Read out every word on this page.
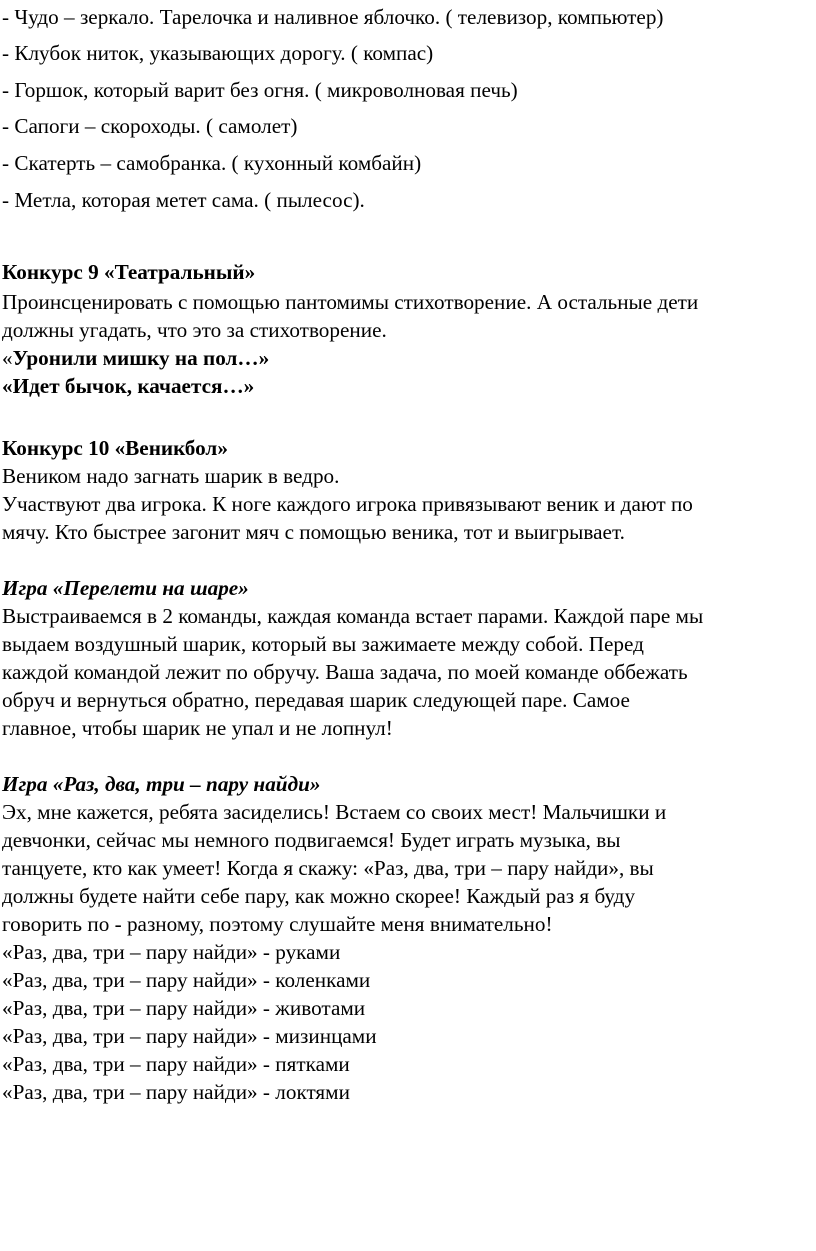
- Чудо – зеркало. Тарелочка и наливное яблочко. ( телевизор, компьютер)
- Клубок ниток, указывающих дорогу. ( компас)
- Горшок, который варит без огня. ( микроволновая печь)
- Сапоги – скороходы. ( самолет)
- Скатерть – самобранка. ( кухонный комбайн)
- Метла, которая метет сама. ( пылесос).
Конкурс 9 «Театральный»
Проинсценировать с помощью пантомимы стихотворение. А остальные дети
должны угадать, что это за стихотворение.
«Уронили мишку на пол…»
«Идет бычок, качается…»
Конкурс 10 «Веникбол»
Веником надо загнать шарик в ведро.
Участвуют два игрока. К ноге каждого игрока привязывают веник и дают по
мячу. Кто быстрее загонит мяч с помощью веника, тот и выигрывает.
Игра «Перелети на шаре»
Выстраиваемся в 2 команды, каждая команда встает парами. Каждой паре мы
выдаем воздушный шарик, который вы зажимаете между собой. Перед
каждой командой лежит по обручу. Ваша задача, по моей команде оббежать
обруч и вернуться обратно, передавая шарик следующей паре. Самое
главное, чтобы шарик не упал и не лопнул!
Игра «Раз, два, три – пару найди»
Эх, мне кажется, ребята засиделись! Встаем со своих мест! Мальчишки и
девчонки, сейчас мы немного подвигаемся! Будет играть музыка, вы
танцуете, кто как умеет! Когда я скажу: «Раз, два, три – пару найди», вы
должны будете найти себе пару, как можно скорее! Каждый раз я буду
говорить по - разному, поэтому слушайте меня внимательно!
«Раз, два, три – пару найди» - руками
«Раз, два, три – пару найди» - коленками
«Раз, два, три – пару найди» - животами
«Раз, два, три – пару найди» - мизинцами
«Раз, два, три – пару найди» - пятками
«Раз, два, три – пару найди» - локтями
